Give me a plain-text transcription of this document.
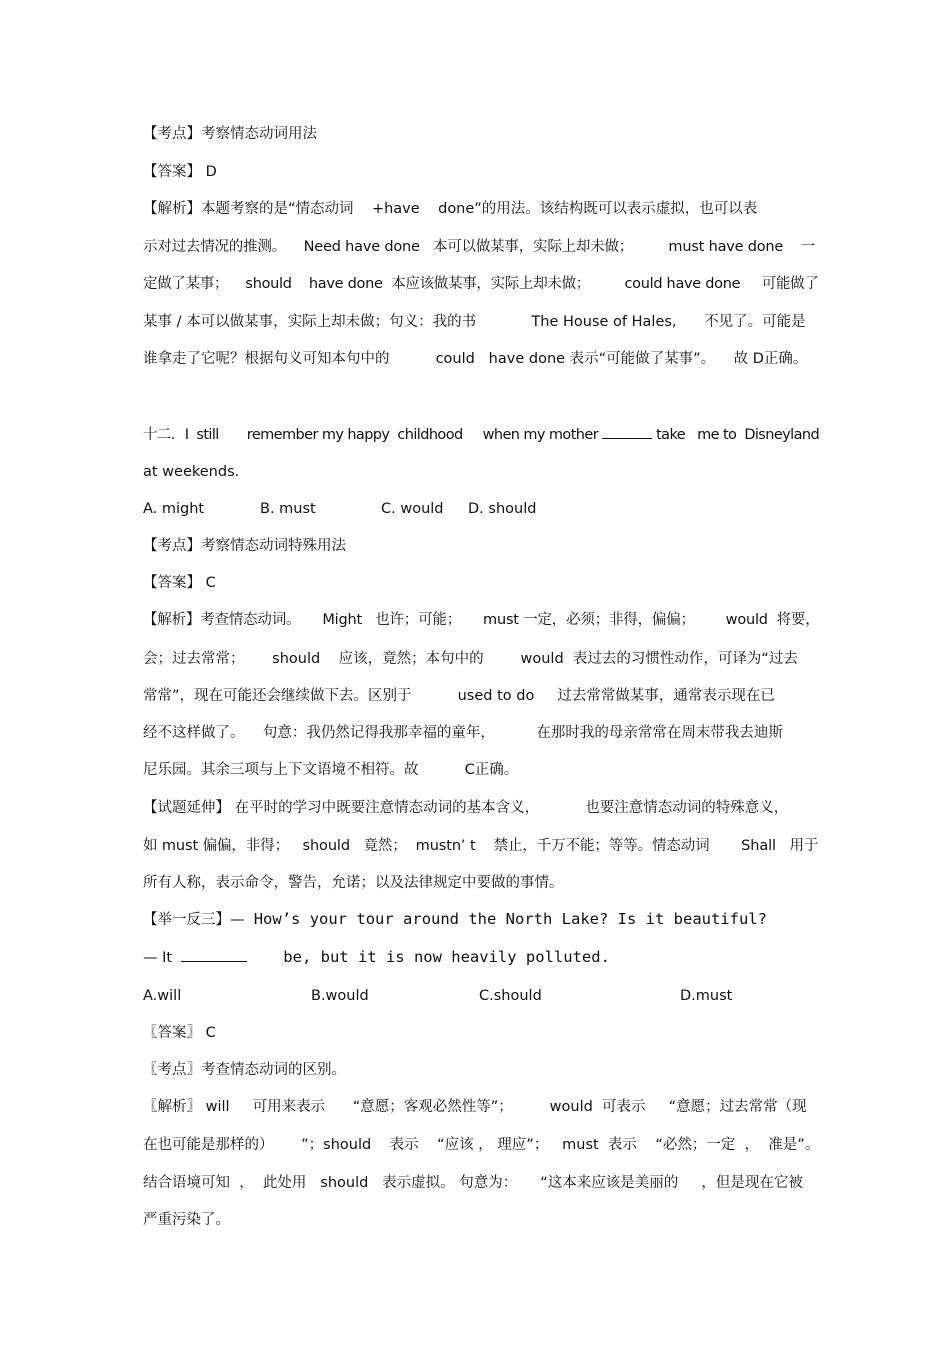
【考点】考察情态动词用法
【答案】 D
【解析】本题考察的是“情态动词    +have    done”的用法。该结构既可以表示虚拟，也可以表
示对过去情况的推测。    Need have done   本可以做某事，实际上却未做；        must have done    一
定做了某事；    should    have done  本应该做某事，实际上却未做；        could have done     可能做了
某事 / 本可以做某事，实际上却未做；句义：我的书            The House of Hales,      不见了。可能是
谁拿走了它呢？根据句义可知本句中的          could   have done 表示“可能做了某事”。    故 D正确。
十二．I  still       remember my happy  childhood     when my mother	take   me to  Disneyland
at weekends.
A. might	B. must	C. would D. should
【考点】考察情态动词特殊用法
【答案】 C
【解析】考查情态动词。     Might   也许；可能；     must 一定，必须；非得，偏偏；       would  将要，
会；过去常常；      should    应该，竟然；本句中的        would  表过去的习惯性动作，可译为“过去
常常”，现在可能还会继续做下去。区别于          used to do     过去常常做某事，通常表示现在已
经不这样做了。    句意：我仍然记得我那幸福的童年，         在那时我的母亲常常在周末带我去迪斯
尼乐园。其余三项与上下文语境不相符。故          C正确。
【试题延伸】 在平时的学习中既要注意情态动词的基本含义，          也要注意情态动词的特殊意义，
如 must 偏偏，非得；   should   竟然；  mustn’ t    禁止，千万不能；等等。情态动词       Shall   用于
所有人称，表示命令，警告，允诺；以及法律规定中要做的事情。
【举一反三】—  How’s your tour around the North Lake? Is it beautiful?
— It	be, but it is now heavily polluted.
A.will	B.would	C.should	D.must
〖答案〗 C
〖考点〗考查情态动词的区别。
〖解析〗 will     可用来表示      “意愿；客观必然性等”；        would  可表示     “意愿；过去常常（现
在也可能是那样的）      ”；should    表示    “应该 ， 理应”；   must  表示    “必然；一定  ，  准是”。
结合语境可知  ，  此处用   should   表示虚拟。 句意为：     “这本来应该是美丽的     ，但是现在它被
严重污染了。
